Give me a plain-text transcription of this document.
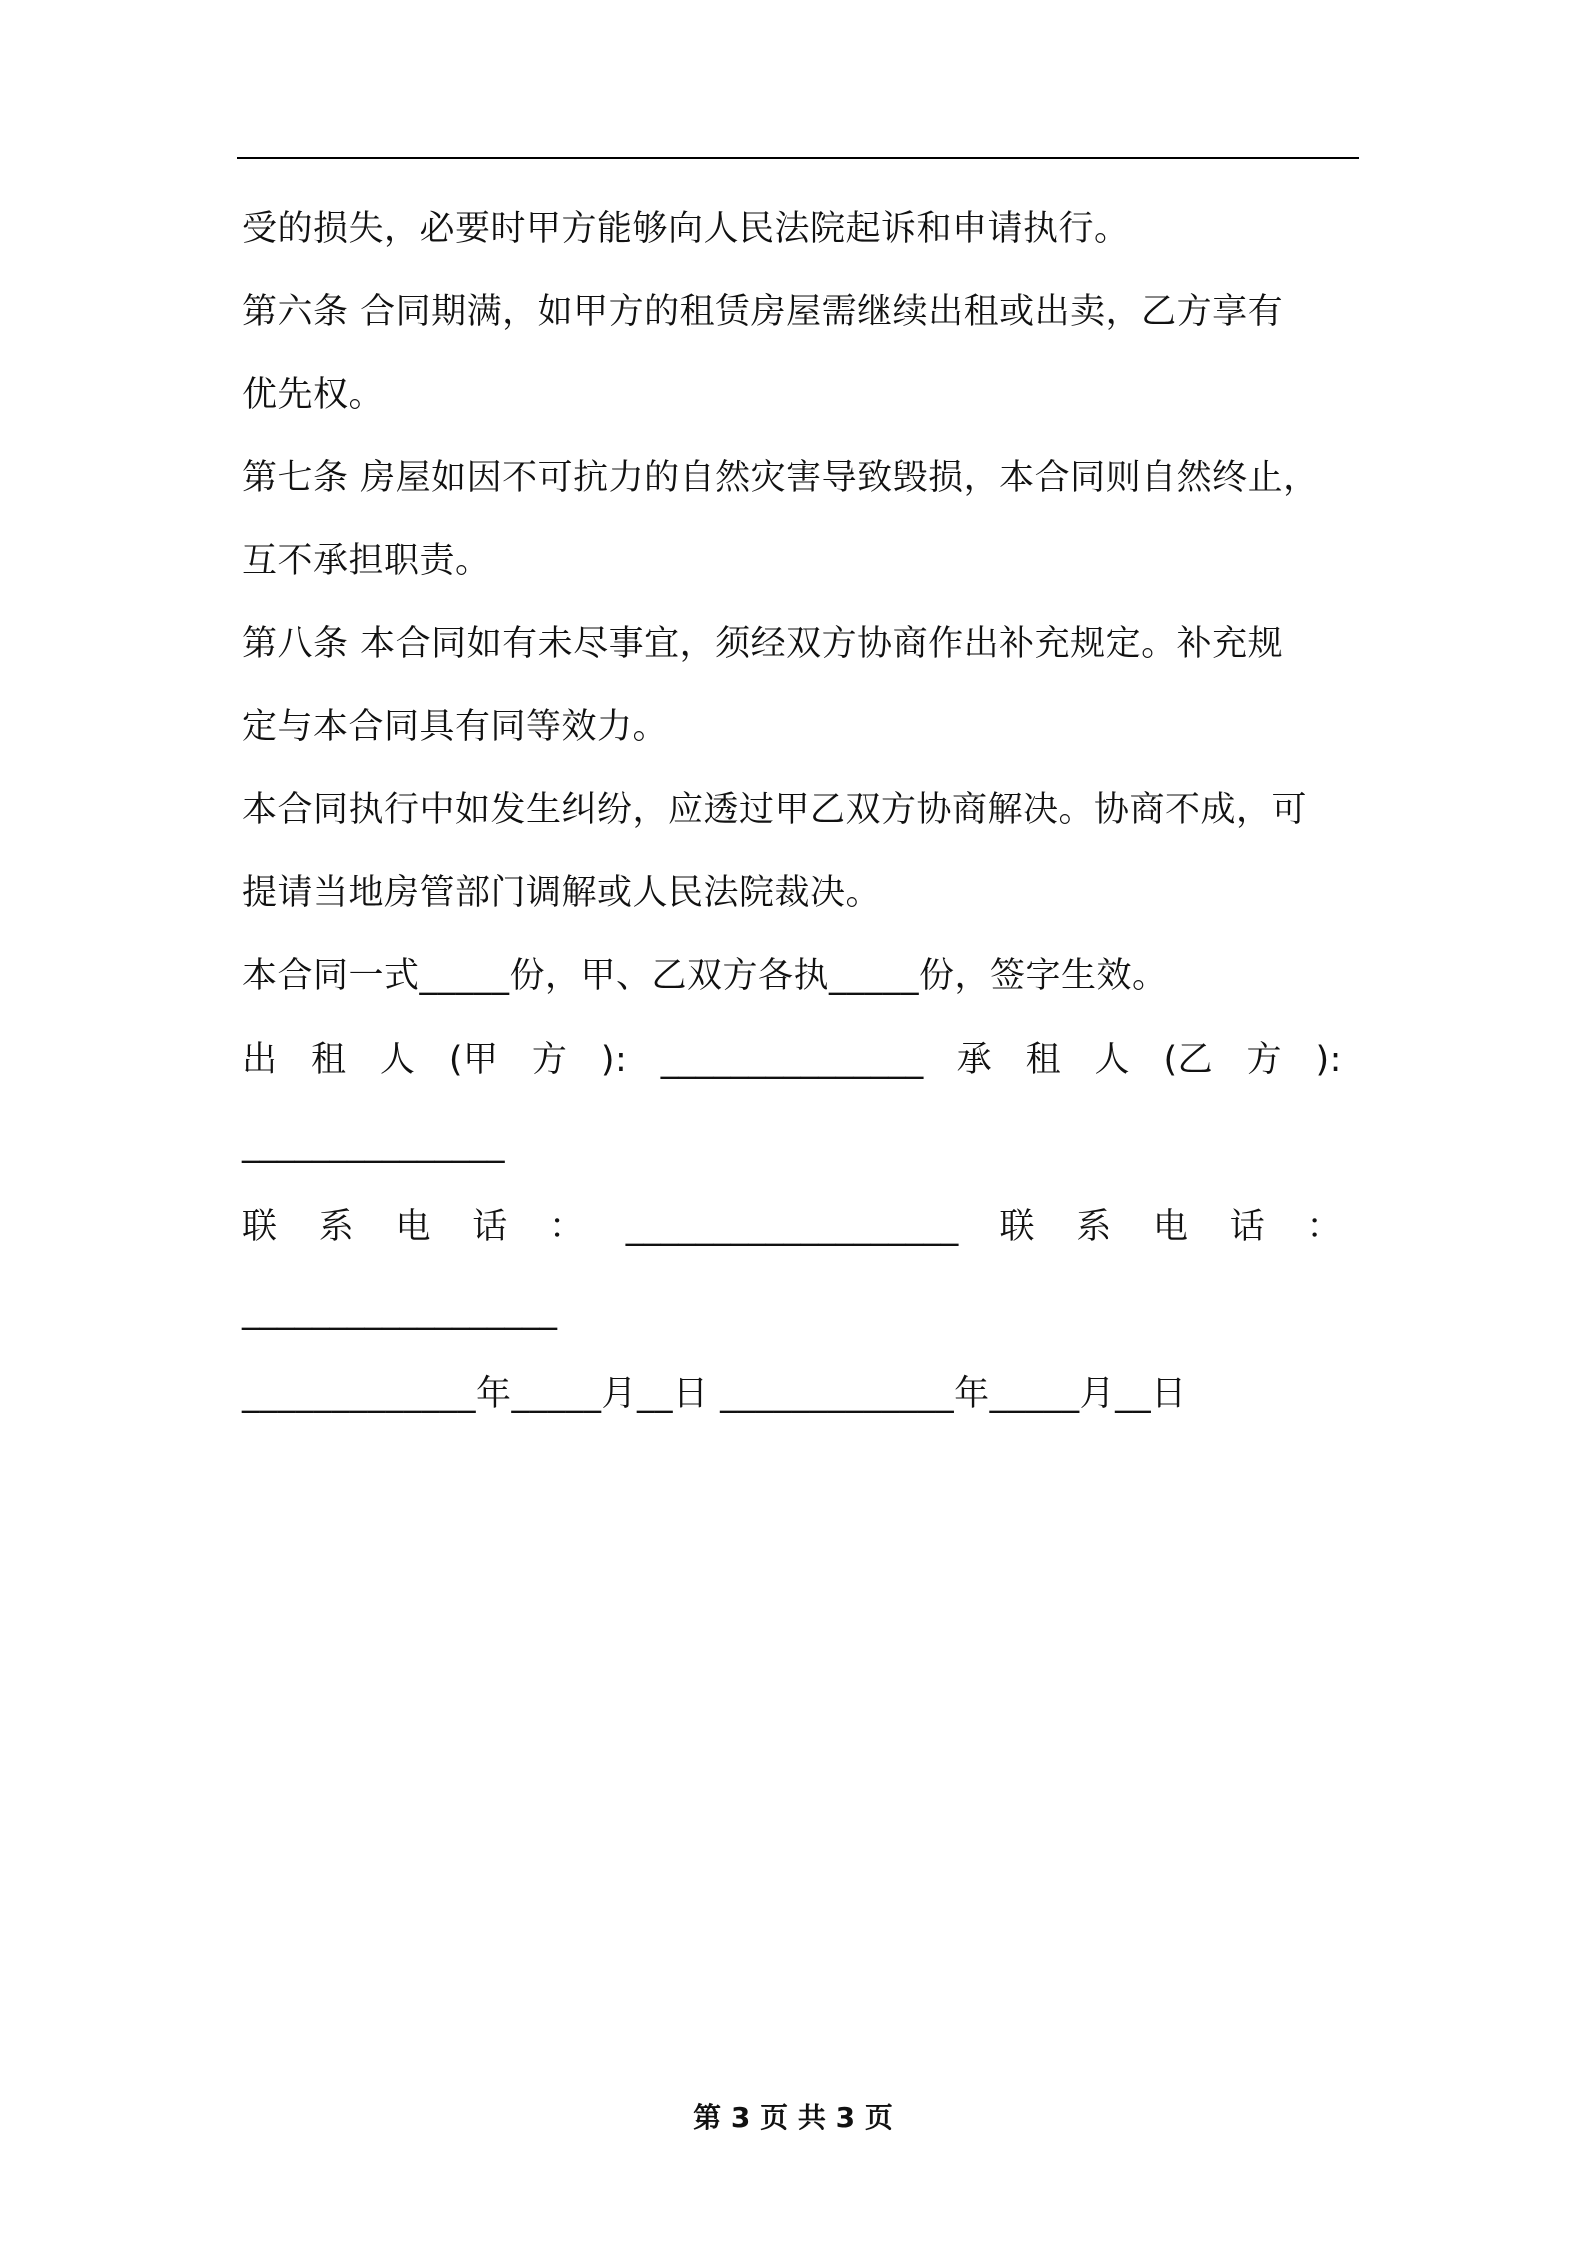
受的损失，必要时甲方能够向人民法院起诉和申请执行。
第六条 合同期满，如甲方的租赁房屋需继续出租或出卖，乙方享有
优先权。
第七条 房屋如因不可抗力的自然灾害导致毁损，本合同则自然终止，
互不承担职责。
第八条 本合同如有未尽事宜，须经双方协商作出补充规定。补充规
定与本合同具有同等效力。
本合同执行中如发生纠纷，应透过甲乙双方协商解决。协商不成，可
提请当地房管部门调解或人民法院裁决。
本合同一式_____份，甲、乙双方各执_____份，签字生效。
出 租 人 (甲 方 ): _______________ 承 租 人 (乙 方 ):
_______________
联 系 电 话 ： ___________________ 联 系 电 话 ：
__________________
_____________年_____月__日 _____________年_____月__日
第 3 页 共 3 页
